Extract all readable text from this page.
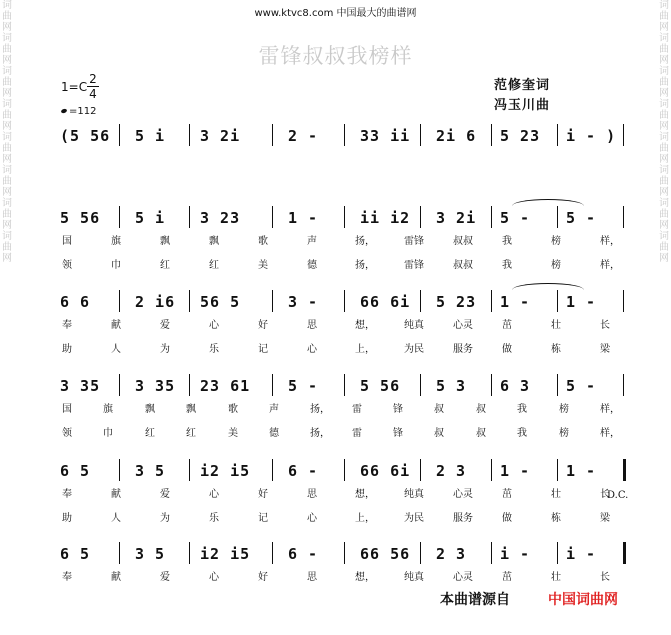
词
曲
网
词
曲
网
词
曲
网
词
曲
网
词
曲
网
词
曲
网
词
曲
网
词
曲
网
词
曲
网
词
曲
网
词
曲
网
词
曲
网
词
曲
网
词
曲
网
词
曲
网
词
曲
网
www.ktvc8.com 中国最大的曲谱网
雷锋叔叔我榜样
范修奎词
冯玉川曲
$1=C \frac{2}{4}$
=112
(5 56 5 i 3 2i	2 -	33 ii 2i 6 5 23 i - )
5 56 5 i 3 23	1 -	ii i2 3 2i 5 - 5 -
国	旗	飘	飘	歌	声	扬，	雷锋	叔叔	我	榜	样，
领	巾	红	红	美	德	扬，	雷锋	叔叔	我	榜	样，
6 6	2 i6 56 5	3 -	66 6i 5 23 1 - 1 -
奉	献	爱	心	好	思	想，	纯真	心灵	茁	壮	长
助	人	为	乐	记	心	上，	为民	服务	做	栋	梁
3 35 3 35 23 61	5 -	5 56 5 3 6 3 5 -
国	旗	飘	飘	歌	声	扬， 雷	锋	叔	叔	我	榜	样，
领	巾	红	红	美	德	扬， 雷	锋	叔	叔	我	榜	样，
6 5	3 5 i2 i5	6 -	66 6i 2 3 1 - 1 -
奉	献	爱	心	好	思	想，	纯真	心灵	茁	壮	长
助	人	为	乐	记	心	上，	为民	服务	做	栋	梁
6 5	3 5 i2 i5	6 -	66 56 2 3 i - i -
奉	献	爱	心	好	思	想，	纯真	心灵	茁	壮	长
D.C.
本曲谱源自	中国词曲网
